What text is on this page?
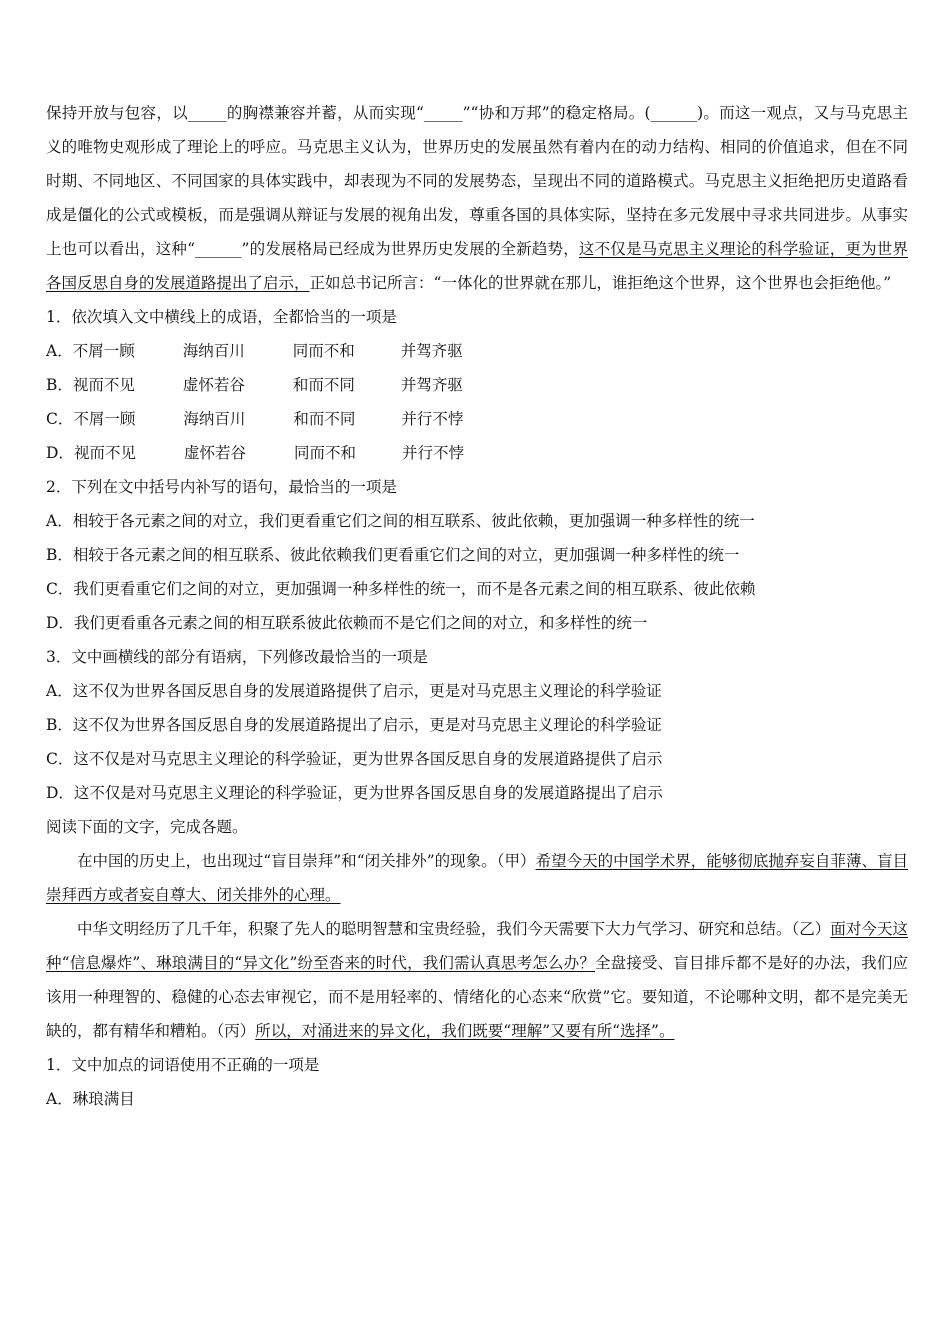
保持开放与包容，以_____的胸襟兼容并蓄，从而实现“_____”“协和万邦”的稳定格局。(______)。而这一观点，又与马克思主义的唯物史观形成了理论上的呼应。马克思主义认为，世界历史的发展虽然有着内在的动力结构、相同的价值追求，但在不同时期、不同地区、不同国家的具体实践中，却表现为不同的发展势态，呈现出不同的道路模式。马克思主义拒绝把历史道路看成是僵化的公式或模板，而是强调从辩证与发展的视角出发，尊重各国的具体实际，坚持在多元发展中寻求共同进步。从事实上也可以看出，这种“______”的发展格局已经成为世界历史发展的全新趋势，这不仅是马克思主义理论的科学验证，更为世界各国反思自身的发展道路提出了启示，正如总书记所言：“一体化的世界就在那儿，谁拒绝这个世界，这个世界也会拒绝他。”

1．依次填入文中横线上的成语，全都恰当的一项是

A．不屑一顾	海纳百川	同而不和	并驾齐驱

B．视而不见	虚怀若谷	和而不同	并驾齐驱

C．不屑一顾	海纳百川	和而不同	并行不悖

D．视而不见	虚怀若谷	同而不和	并行不悖

2．下列在文中括号内补写的语句，最恰当的一项是

A．相较于各元素之间的对立，我们更看重它们之间的相互联系、彼此依赖，更加强调一种多样性的统一

B．相较于各元素之间的相互联系、彼此依赖我们更看重它们之间的对立，更加强调一种多样性的统一

C．我们更看重它们之间的对立，更加强调一种多样性的统一，而不是各元素之间的相互联系、彼此依赖

D．我们更看重各元素之间的相互联系彼此依赖而不是它们之间的对立，和多样性的统一

3．文中画横线的部分有语病，下列修改最恰当的一项是

A．这不仅为世界各国反思自身的发展道路提供了启示，更是对马克思主义理论的科学验证

B．这不仅为世界各国反思自身的发展道路提出了启示，更是对马克思主义理论的科学验证

C．这不仅是对马克思主义理论的科学验证，更为世界各国反思自身的发展道路提供了启示

D．这不仅是对马克思主义理论的科学验证，更为世界各国反思自身的发展道路提出了启示

阅读下面的文字，完成各题。

在中国的历史上，也出现过“盲目崇拜”和“闭关排外”的现象。（甲）希望今天的中国学术界，能够彻底抛弃妄自菲薄、盲目崇拜西方或者妄自尊大、闭关排外的心理。

中华文明经历了几千年，积聚了先人的聪明智慧和宝贵经验，我们今天需要下大力气学习、研究和总结。（乙）面对今天这种“信息爆炸”、琳琅满目的“异文化”纷至沓来的时代，我们需认真思考怎么办？全盘接受、盲目排斥都不是好的办法，我们应该用一种理智的、稳健的心态去审视它，而不是用轻率的、情绪化的心态来“欣赏”它。要知道，不论哪种文明，都不是完美无缺的，都有精华和糟粕。（丙）所以，对涌进来的异文化，我们既要“理解”又要有所“选择”。

1．文中加点的词语使用不正确的一项是

A．琳琅满目
